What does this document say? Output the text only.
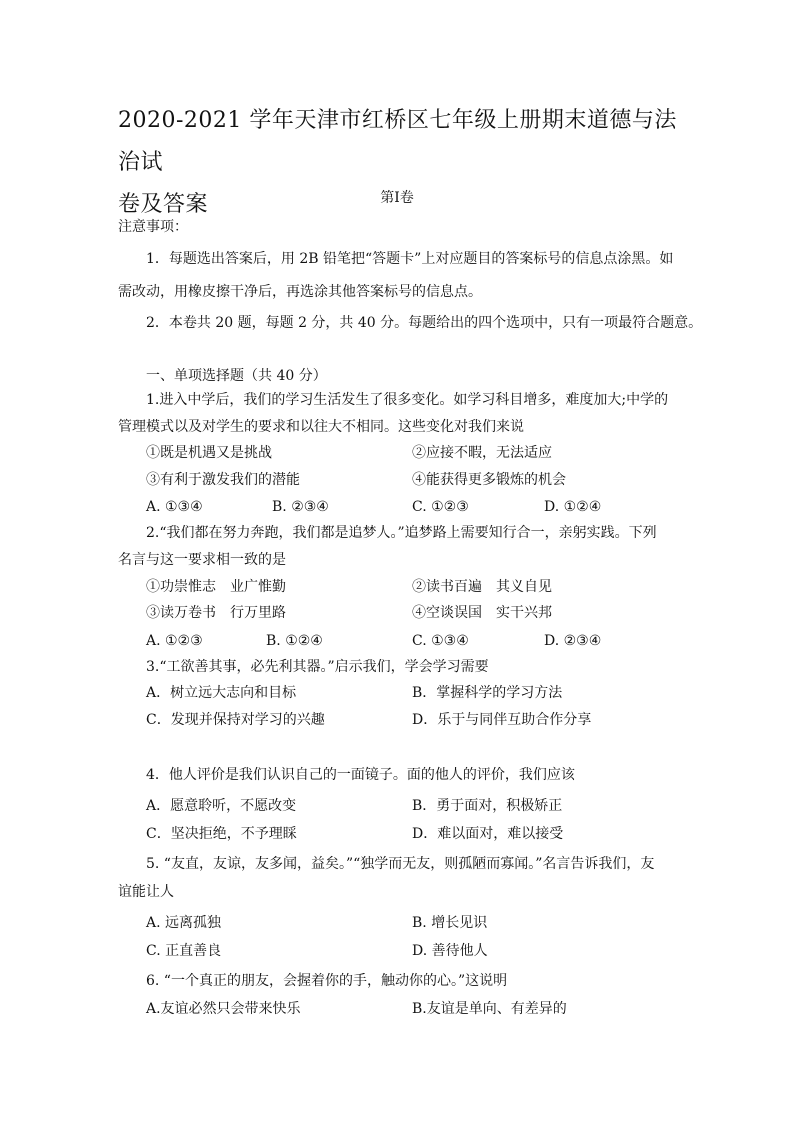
2020-2021 学年天津市红桥区七年级上册期末道德与法治试
卷及答案	第Ⅰ卷
注意事项：
1．每题选出答案后，用 2B 铅笔把“答题卡”上对应题目的答案标号的信息点涂黑。如
需改动，用橡皮擦干净后，再选涂其他答案标号的信息点。
2．本卷共 20 题，每题 2 分，共 40 分。每题给出的四个选项中，只有一项最符合题意。
一、单项选择题（共 40 分）
1.进入中学后，我们的学习生活发生了很多变化。如学习科目增多，难度加大;中学的
管理模式以及对学生的要求和以往大不相同。这些变化对我们来说
①既是机遇又是挑战	②应接不暇，无法适应
③有利于激发我们的潜能	④能获得更多锻炼的机会
A. ①③④	B. ②③④	C. ①②③	D. ①②④
2.“我们都在努力奔跑，我们都是追梦人。”追梦路上需要知行合一，亲躬实践。下列
名言与这一要求相一致的是
①功崇惟志　业广惟勤	②读书百遍　其义自见
③读万卷书　行万里路	④空谈误国　实干兴邦
A. ①②③	B. ①②④	C. ①③④	D. ②③④
3.“工欲善其事，必先利其器。”启示我们，学会学习需要
A．树立远大志向和目标	B．掌握科学的学习方法
C．发现并保持对学习的兴趣	D．乐于与同伴互助合作分享
4．他人评价是我们认识自己的一面镜子。面的他人的评价，我们应该
A．愿意聆听，不愿改变	B．勇于面对，积极矫正
C．坚决拒绝，不予理睬	D．难以面对，难以接受
5. “友直，友谅，友多闻，益矣。”“独学而无友，则孤陋而寡闻。”名言告诉我们，友
谊能让人
A. 远离孤独	B. 增长见识
C. 正直善良	D. 善待他人
6. “一个真正的朋友，会握着你的手，触动你的心。”这说明
A.友谊必然只会带来快乐	B.友谊是单向、有差异的
